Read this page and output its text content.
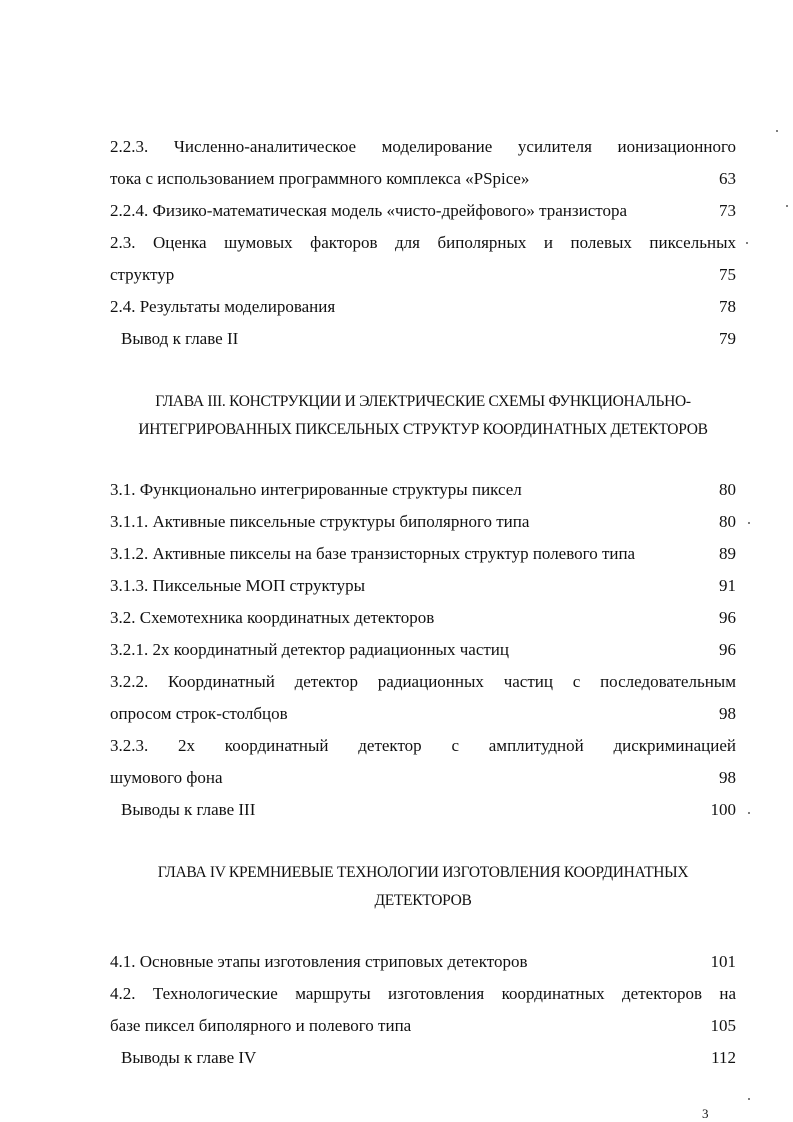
2.2.3. Численно-аналитическое моделирование усилителя ионизационного
тока с использованием программного комплекса «PSpice»	63
2.2.4. Физико-математическая модель «чисто-дрейфового» транзистора	73
2.3. Оценка шумовых факторов для биполярных и полевых пиксельных
структур	75
2.4. Результаты моделирования	78
Вывод к главе II	79
ГЛАВА III. КОНСТРУКЦИИ И ЭЛЕКТРИЧЕСКИЕ СХЕМЫ ФУНКЦИОНАЛЬНО-
ИНТЕГРИРОВАННЫХ ПИКСЕЛЬНЫХ СТРУКТУР КООРДИНАТНЫХ ДЕТЕКТОРОВ
3.1. Функционально интегрированные структуры пиксел	80
3.1.1. Активные пиксельные структуры биполярного типа	80
3.1.2. Активные пикселы на базе транзисторных структур полевого типа	89
3.1.3. Пиксельные МОП структуры	91
3.2. Схемотехника координатных детекторов	96
3.2.1. 2х координатный детектор радиационных частиц	96
3.2.2. Координатный детектор радиационных частиц с последовательным
опросом строк-столбцов	98
3.2.3. 2х координатный детектор с амплитудной дискриминацией
шумового фона	98
Выводы к главе III	100
ГЛАВА IV КРЕМНИЕВЫЕ ТЕХНОЛОГИИ ИЗГОТОВЛЕНИЯ КООРДИНАТНЫХ
ДЕТЕКТОРОВ
4.1. Основные этапы изготовления стриповых детекторов	101
4.2. Технологические маршруты изготовления координатных детекторов на
базе пиксел биполярного и полевого типа	105
Выводы к главе IV	112
3
